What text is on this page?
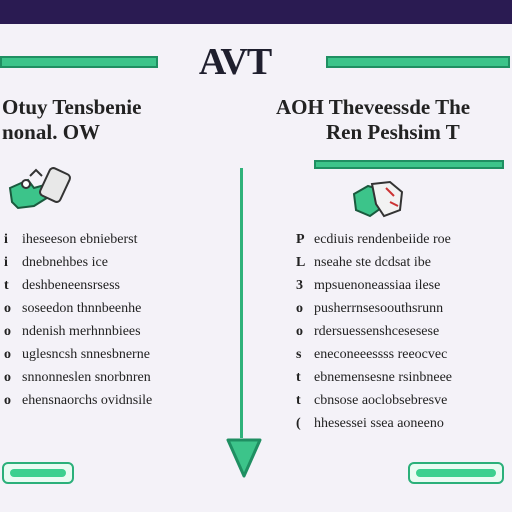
AVT
Otuy Tensbenie
nonal. OW
AOH Theveessde The
Ren Peshsim T
i iheseeson ebnieberst
i dnebnehbes ice
t deshbeneensrsess
o soseedon thnnbeenhe
o ndenish merhnnbiees
o uglesncsh snnesbnerne
o snnonneslen snorbnren
o ehensnaorchs ovidnsile
P ecdiuis rendenbeiide roe
L nseahe ste dcdsat ibe
3 mpsuenoneassiaa ilese
o pusherrnsesoouthsrunn
o rdersuessenshcesesese
s eneconeeessss reeocvec
t ebnemensesne rsinbneee
t cbnsose aoclobsebresve
( hhesessei ssea aoneeno
